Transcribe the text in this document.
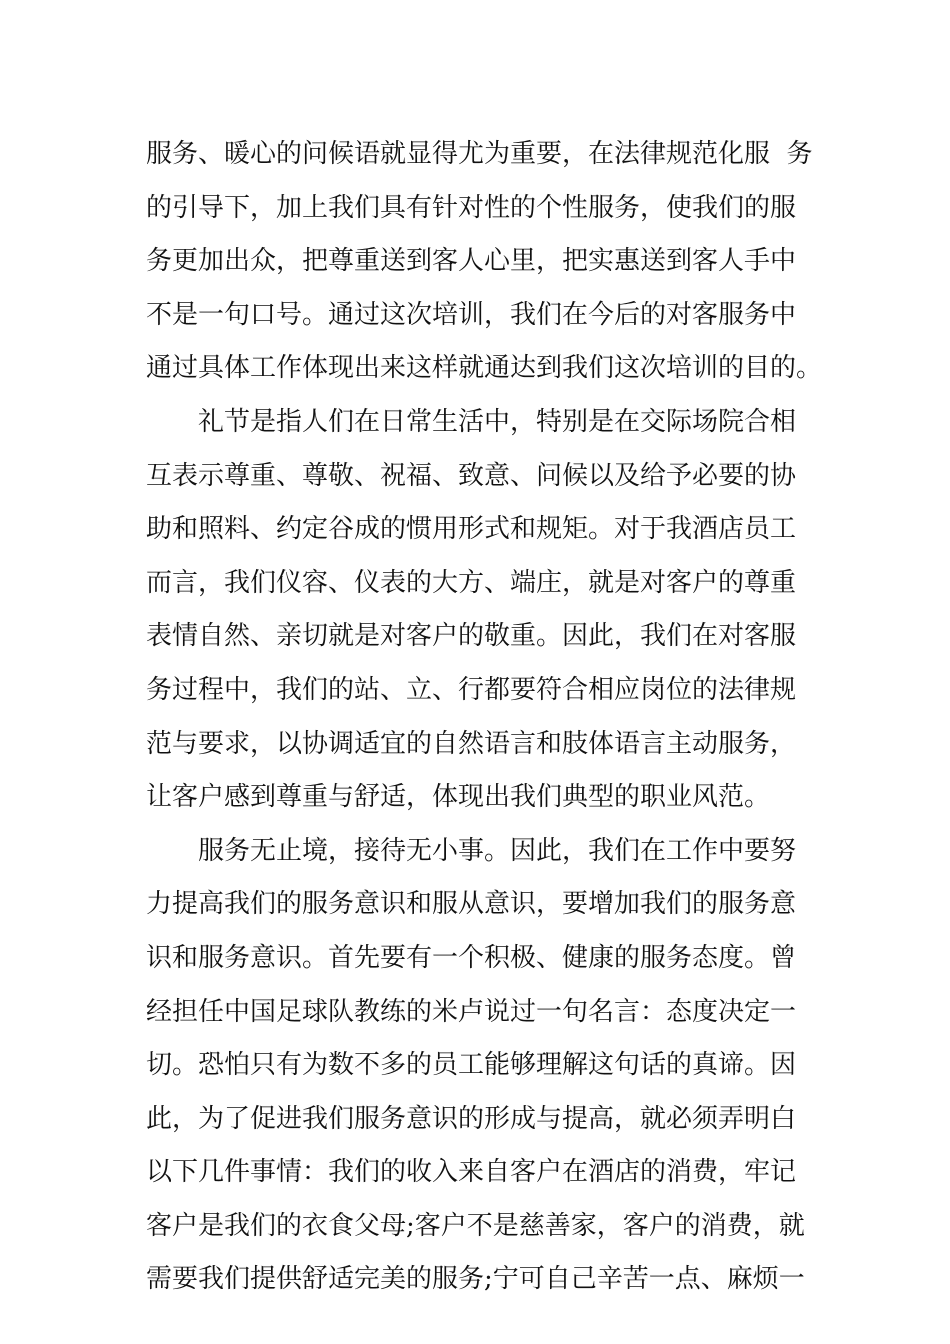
服务、暖心的问候语就显得尤为重要，在法律规范化服  务
的引导下，加上我们具有针对性的个性服务，使我们的服
务更加出众，把尊重送到客人心里，把实惠送到客人手中
不是一句口号。通过这次培训，我们在今后的对客服务中
通过具体工作体现出来这样就通达到我们这次培训的目的。
礼节是指人们在日常生活中，特别是在交际场院合相
互表示尊重、尊敬、祝福、致意、问候以及给予必要的协
助和照料、约定谷成的惯用形式和规矩。对于我酒店员工
而言，我们仪容、仪表的大方、端庄，就是对客户的尊重
表情自然、亲切就是对客户的敬重。因此，我们在对客服
务过程中，我们的站、立、行都要符合相应岗位的法律规
范与要求，以协调适宜的自然语言和肢体语言主动服务，
让客户感到尊重与舒适，体现出我们典型的职业风范。
服务无止境，接待无小事。因此，我们在工作中要努
力提高我们的服务意识和服从意识，要增加我们的服务意
识和服务意识。首先要有一个积极、健康的服务态度。曾
经担任中国足球队教练的米卢说过一句名言：态度决定一
切。恐怕只有为数不多的员工能够理解这句话的真谛。因
此，为了促进我们服务意识的形成与提高，就必须弄明白
以下几件事情：我们的收入来自客户在酒店的消费，牢记
客户是我们的衣食父母;客户不是慈善家，客户的消费，就
需要我们提供舒适完美的服务;宁可自己辛苦一点、麻烦一
